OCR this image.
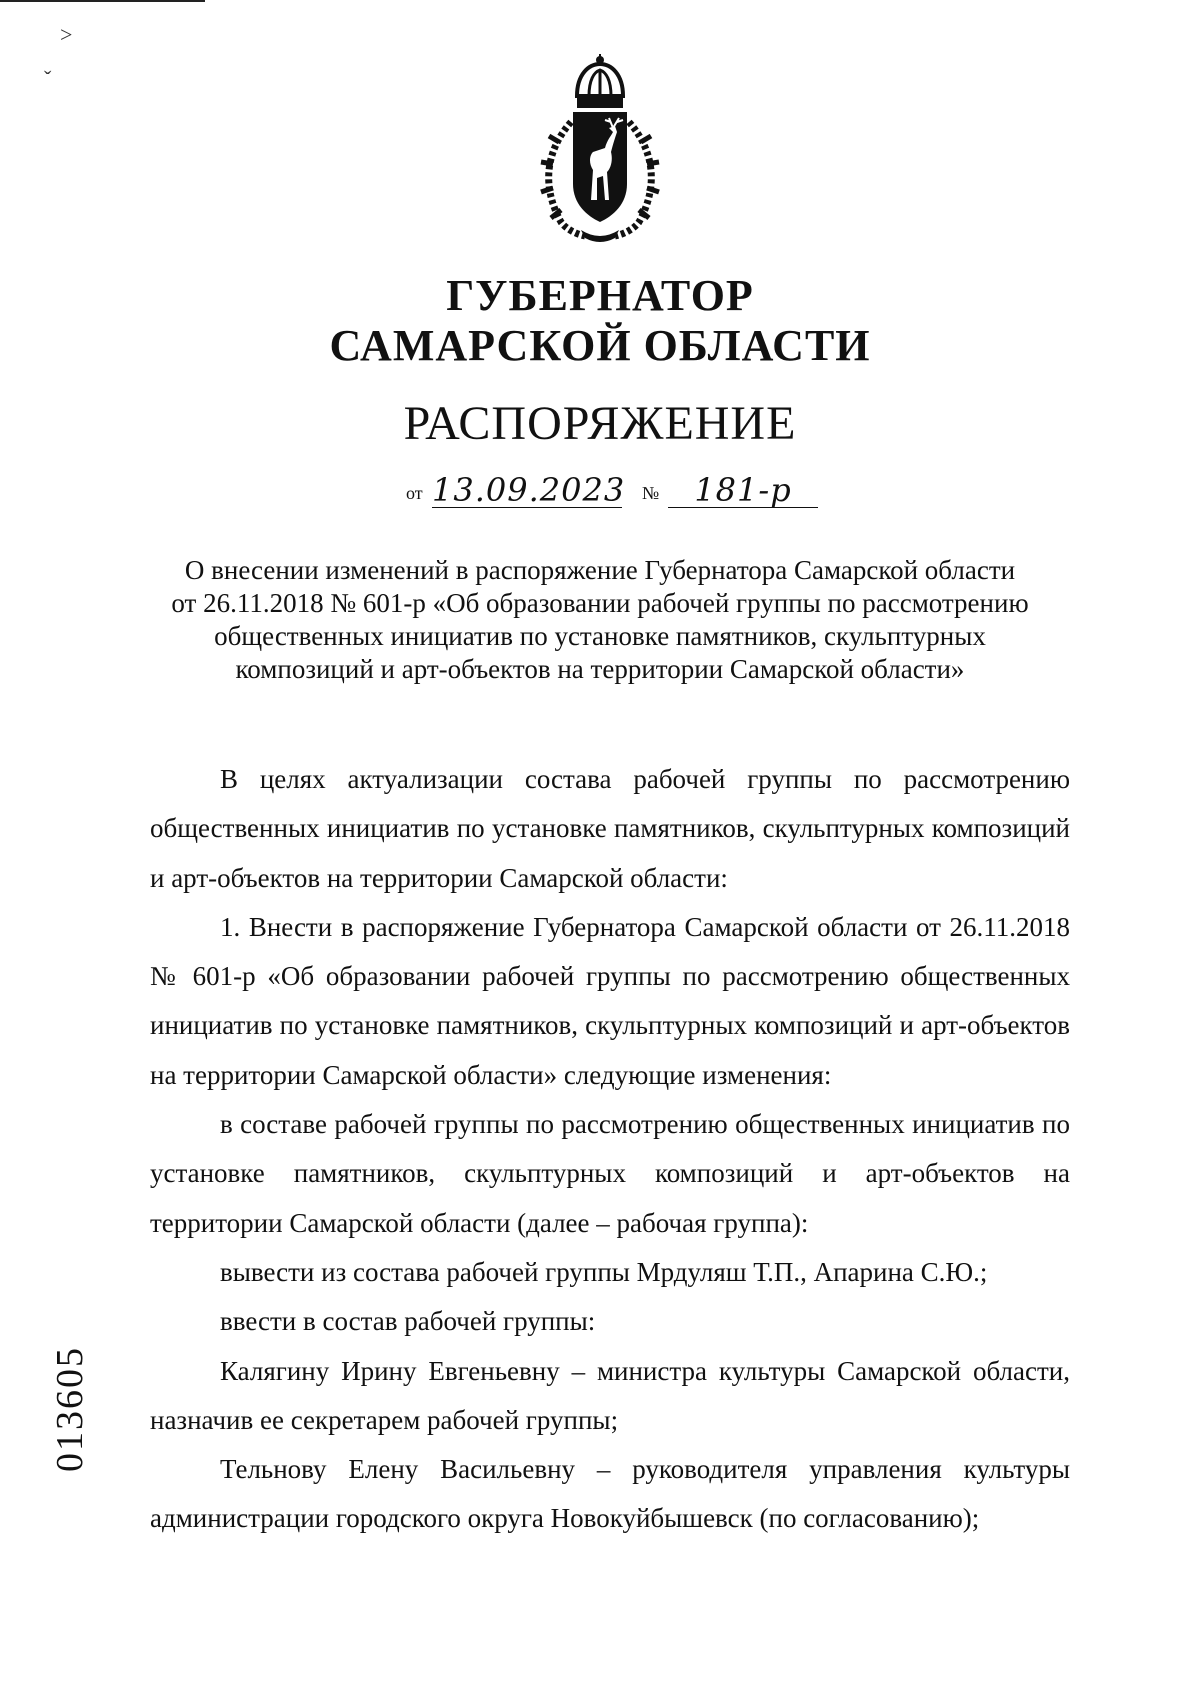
˃
ˇ
ГУБЕРНАТОР
САМАРСКОЙ ОБЛАСТИ
РАСПОРЯЖЕНИЕ
от 13.09.2023 №	181-р
О внесении изменений в распоряжение Губернатора Самарской области
от 26.11.2018 № 601-р «Об образовании рабочей группы по рассмотрению
общественных инициатив по установке памятников, скульптурных
композиций и арт-объектов на территории Самарской области»

В целях актуализации состава рабочей группы по рассмотрению общественных инициатив по установке памятников, скульптурных композиций и арт-объектов на территории Самарской области:

1. Внести в распоряжение Губернатора Самарской области от 26.11.2018 № 601-р «Об образовании рабочей группы по рассмотрению общественных инициатив по установке памятников, скульптурных композиций и арт-объектов на территории Самарской области» следующие изменения:

в составе рабочей группы по рассмотрению общественных инициатив по установке памятников, скульптурных композиций и арт-объектов на территории Самарской области (далее – рабочая группа):

вывести из состава рабочей группы Мрдуляш Т.П., Апарина С.Ю.;

ввести в состав рабочей группы:

Калягину Ирину Евгеньевну – министра культуры Самарской области, назначив ее секретарем рабочей группы;

Тельнову Елену Васильевну – руководителя управления культуры администрации городского округа Новокуйбышевск (по согласованию);

013605
